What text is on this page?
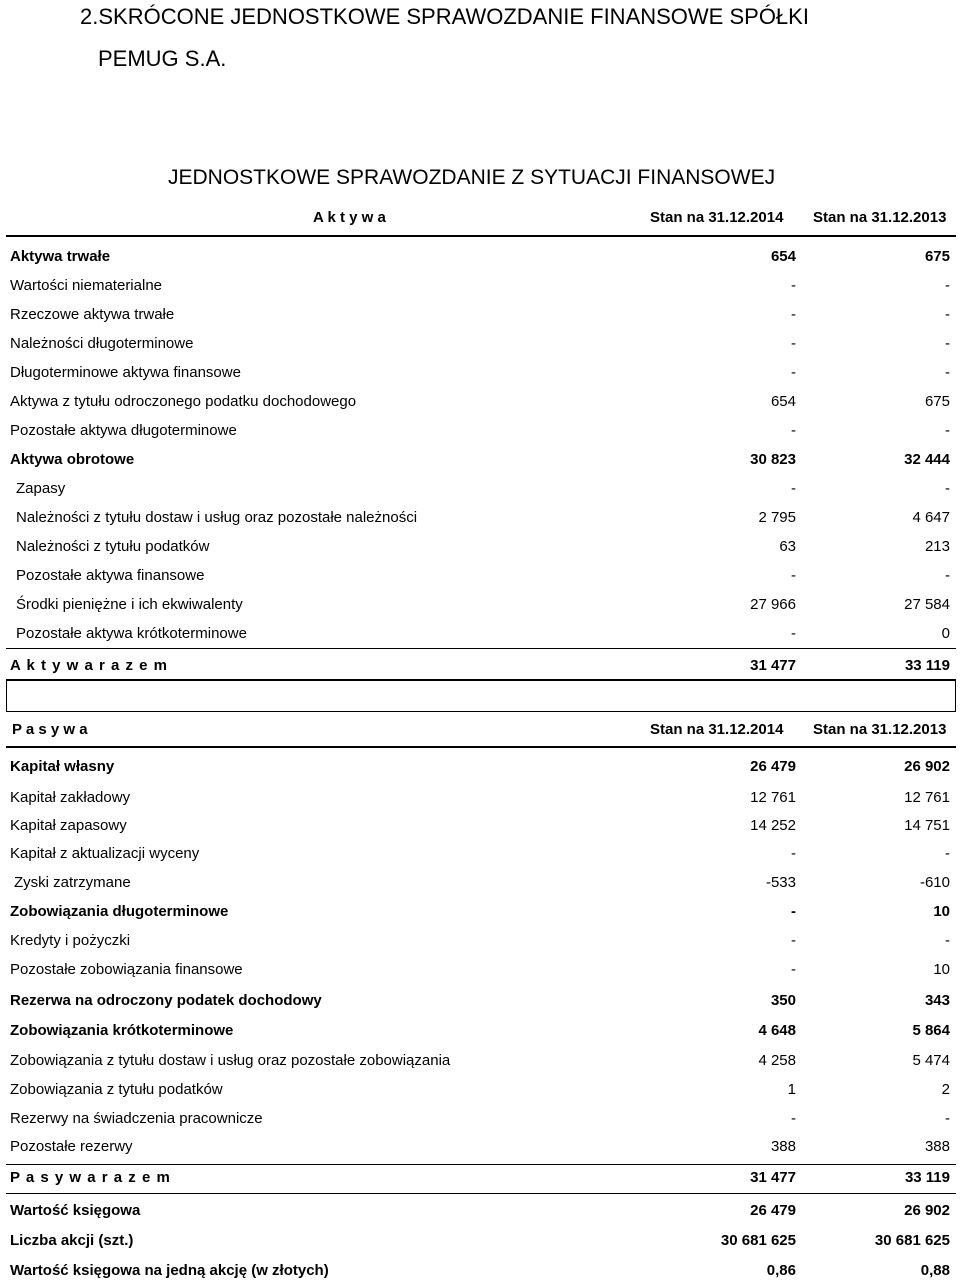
2.SKRÓCONE JEDNOSTKOWE SPRAWOZDANIE FINANSOWE SPÓŁKI
PEMUG S.A.
JEDNOSTKOWE SPRAWOZDANIE Z SYTUACJI FINANSOWEJ
A k t y w a	Stan na 31.12.2014 Stan na 31.12.2013
Aktywa trwałe	654	675
Wartości niematerialne	-	-
Rzeczowe aktywa trwałe	-	-
Należności długoterminowe	-	-
Długoterminowe aktywa finansowe	-	-
Aktywa z tytułu odroczonego podatku dochodowego	654	675
Pozostałe aktywa długoterminowe	-	-
Aktywa obrotowe	30 823	32 444
Zapasy	-	-
Należności z tytułu dostaw i usług oraz pozostałe należności	2 795	4 647
Należności z tytułu podatków	63	213
Pozostałe aktywa finansowe	-	-
Środki pieniężne i ich ekwiwalenty	27 966	27 584
Pozostałe aktywa krótkoterminowe	-	0
A k t y w a r a z e m	31 477	33 119
P a s y w a	Stan na 31.12.2014 Stan na 31.12.2013
Kapitał własny	26 479	26 902
Kapitał zakładowy	12 761	12 761
Kapitał zapasowy	14 252	14 751
Kapitał z aktualizacji wyceny	-	-
Zyski zatrzymane	-533	-610
Zobowiązania długoterminowe	-	10
Kredyty i pożyczki	-	-
Pozostałe zobowiązania finansowe	-	10
Rezerwa na odroczony podatek dochodowy	350	343
Zobowiązania krótkoterminowe	4 648	5 864
Zobowiązania z tytułu dostaw i usług oraz pozostałe zobowiązania	4 258	5 474
Zobowiązania z tytułu podatków	1	2
Rezerwy na świadczenia pracownicze	-	-
Pozostałe rezerwy	388	388
P a s y w a r a z e m	31 477	33 119
Wartość księgowa	26 479	26 902
Liczba akcji (szt.)	30 681 625	30 681 625
Wartość księgowa na jedną akcję (w złotych)	0,86	0,88
